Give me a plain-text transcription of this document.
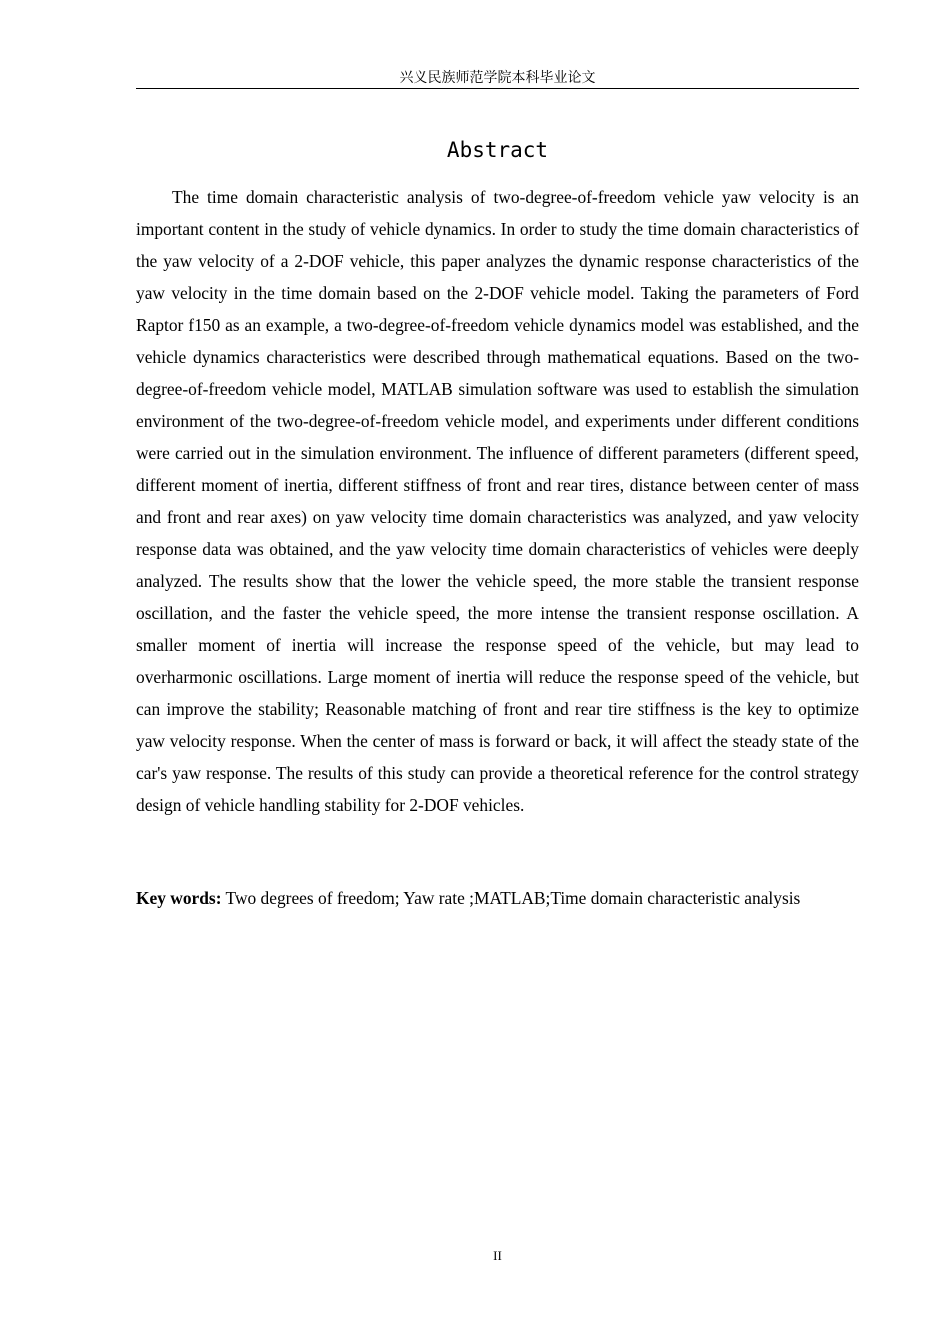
兴义民族师范学院本科毕业论文
Abstract

The time domain characteristic analysis of two-degree-of-freedom vehicle yaw velocity is an important content in the study of vehicle dynamics. In order to study the time domain characteristics of the yaw velocity of a 2-DOF vehicle, this paper analyzes the dynamic response characteristics of the yaw velocity in the time domain based on the 2-DOF vehicle model. Taking the parameters of Ford Raptor f150 as an example, a two-degree-of-freedom vehicle dynamics model was established, and the vehicle dynamics characteristics were described through mathematical equations. Based on the two-degree-of-freedom vehicle model, MATLAB simulation software was used to establish the simulation environment of the two-degree-of-freedom vehicle model, and experiments under different conditions were carried out in the simulation environment. The influence of different parameters (different speed, different moment of inertia, different stiffness of front and rear tires, distance between center of mass and front and rear axes) on yaw velocity time domain characteristics was analyzed, and yaw velocity response data was obtained, and the yaw velocity time domain characteristics of vehicles were deeply analyzed. The results show that the lower the vehicle speed, the more stable the transient response oscillation, and the faster the vehicle speed, the more intense the transient response oscillation. A smaller moment of inertia will increase the response speed of the vehicle, but may lead to overharmonic oscillations. Large moment of inertia will reduce the response speed of the vehicle, but can improve the stability; Reasonable matching of front and rear tire stiffness is the key to optimize yaw velocity response. When the center of mass is forward or back, it will affect the steady state of the car's yaw response. The results of this study can provide a theoretical reference for the control strategy design of vehicle handling stability for 2-DOF vehicles.

Key words: Two degrees of freedom; Yaw rate ;MATLAB;Time domain characteristic analysis

II
